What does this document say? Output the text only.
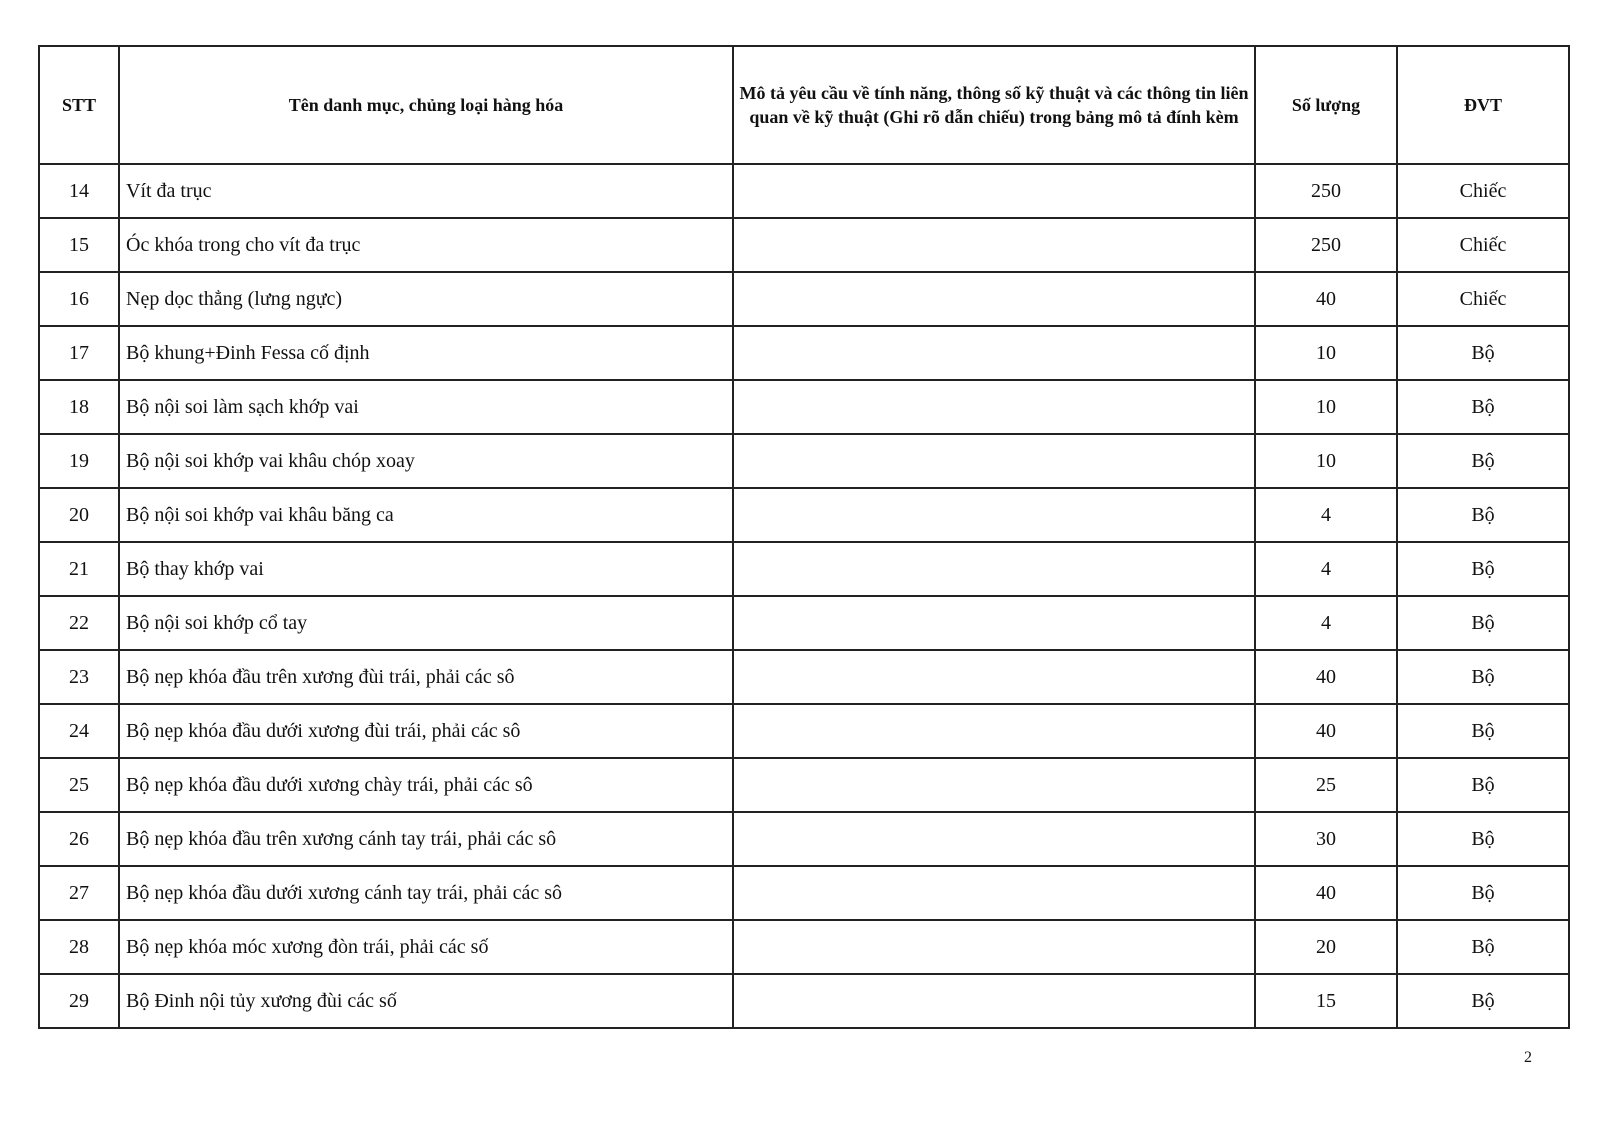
STT	Tên danh mục, chủng loại hàng hóa	Mô tả yêu cầu về tính năng, thông số kỹ thuật và các thông tin liên quan về kỹ thuật (Ghi rõ dẫn chiếu) trong bảng mô tả đính kèm	Số lượng	ĐVT
14	Vít đa trục		250	Chiếc
15	Óc khóa trong cho vít đa trục		250	Chiếc
16	Nẹp dọc thẳng (lưng ngực)		40	Chiếc
17	Bộ khung+Đinh Fessa cố định		10	Bộ
18	Bộ nội soi làm sạch khớp vai		10	Bộ
19	Bộ nội soi khớp vai khâu chóp xoay		10	Bộ
20	Bộ nội soi khớp vai khâu băng ca		4	Bộ
21	Bộ thay khớp vai		4	Bộ
22	Bộ nội soi khớp cổ tay		4	Bộ
23	Bộ nẹp khóa đầu trên xương đùi trái, phải các sô		40	Bộ
24	Bộ nẹp khóa đầu dưới xương đùi trái, phải các sô		40	Bộ
25	Bộ nẹp khóa đầu dưới xương chày trái, phải các sô		25	Bộ
26	Bộ nẹp khóa đầu trên xương cánh tay trái, phải các sô		30	Bộ
27	Bộ nẹp khóa đầu dưới xương cánh tay trái, phải các sô		40	Bộ
28	Bộ nẹp khóa móc xương đòn trái, phải các số		20	Bộ
29	Bộ Đinh nội tủy xương đùi các số		15	Bộ
2
